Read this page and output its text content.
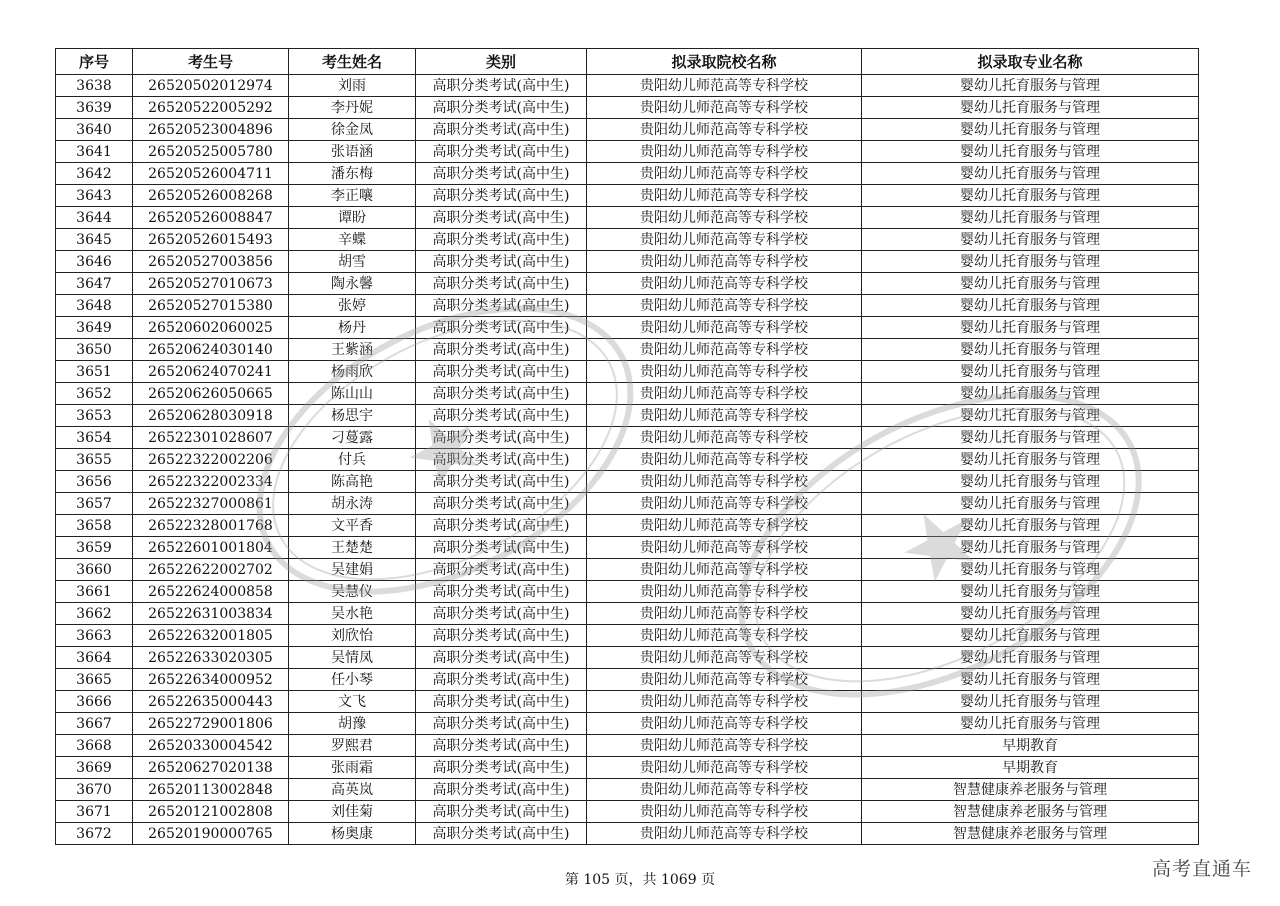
序号	考生号	考生姓名	类别	拟录取院校名称	拟录取专业名称
3638	26520502012974	刘雨	高职分类考试(高中生)	贵阳幼儿师范高等专科学校	婴幼儿托育服务与管理
3639	26520522005292	李丹妮	高职分类考试(高中生)	贵阳幼儿师范高等专科学校	婴幼儿托育服务与管理
3640	26520523004896	徐金凤	高职分类考试(高中生)	贵阳幼儿师范高等专科学校	婴幼儿托育服务与管理
3641	26520525005780	张语涵	高职分类考试(高中生)	贵阳幼儿师范高等专科学校	婴幼儿托育服务与管理
3642	26520526004711	潘东梅	高职分类考试(高中生)	贵阳幼儿师范高等专科学校	婴幼儿托育服务与管理
3643	26520526008268	李正嚷	高职分类考试(高中生)	贵阳幼儿师范高等专科学校	婴幼儿托育服务与管理
3644	26520526008847	谭盼	高职分类考试(高中生)	贵阳幼儿师范高等专科学校	婴幼儿托育服务与管理
3645	26520526015493	辛蝶	高职分类考试(高中生)	贵阳幼儿师范高等专科学校	婴幼儿托育服务与管理
3646	26520527003856	胡雪	高职分类考试(高中生)	贵阳幼儿师范高等专科学校	婴幼儿托育服务与管理
3647	26520527010673	陶永馨	高职分类考试(高中生)	贵阳幼儿师范高等专科学校	婴幼儿托育服务与管理
3648	26520527015380	张婷	高职分类考试(高中生)	贵阳幼儿师范高等专科学校	婴幼儿托育服务与管理
3649	26520602060025	杨丹	高职分类考试(高中生)	贵阳幼儿师范高等专科学校	婴幼儿托育服务与管理
3650	26520624030140	王紫涵	高职分类考试(高中生)	贵阳幼儿师范高等专科学校	婴幼儿托育服务与管理
3651	26520624070241	杨雨欣	高职分类考试(高中生)	贵阳幼儿师范高等专科学校	婴幼儿托育服务与管理
3652	26520626050665	陈山山	高职分类考试(高中生)	贵阳幼儿师范高等专科学校	婴幼儿托育服务与管理
3653	26520628030918	杨思宇	高职分类考试(高中生)	贵阳幼儿师范高等专科学校	婴幼儿托育服务与管理
3654	26522301028607	刁蔓露	高职分类考试(高中生)	贵阳幼儿师范高等专科学校	婴幼儿托育服务与管理
3655	26522322002206	付兵	高职分类考试(高中生)	贵阳幼儿师范高等专科学校	婴幼儿托育服务与管理
3656	26522322002334	陈高艳	高职分类考试(高中生)	贵阳幼儿师范高等专科学校	婴幼儿托育服务与管理
3657	26522327000861	胡永涛	高职分类考试(高中生)	贵阳幼儿师范高等专科学校	婴幼儿托育服务与管理
3658	26522328001768	文平香	高职分类考试(高中生)	贵阳幼儿师范高等专科学校	婴幼儿托育服务与管理
3659	26522601001804	王楚楚	高职分类考试(高中生)	贵阳幼儿师范高等专科学校	婴幼儿托育服务与管理
3660	26522622002702	吴建娟	高职分类考试(高中生)	贵阳幼儿师范高等专科学校	婴幼儿托育服务与管理
3661	26522624000858	吴慧仪	高职分类考试(高中生)	贵阳幼儿师范高等专科学校	婴幼儿托育服务与管理
3662	26522631003834	吴水艳	高职分类考试(高中生)	贵阳幼儿师范高等专科学校	婴幼儿托育服务与管理
3663	26522632001805	刘欣怡	高职分类考试(高中生)	贵阳幼儿师范高等专科学校	婴幼儿托育服务与管理
3664	26522633020305	吴情凤	高职分类考试(高中生)	贵阳幼儿师范高等专科学校	婴幼儿托育服务与管理
3665	26522634000952	任小琴	高职分类考试(高中生)	贵阳幼儿师范高等专科学校	婴幼儿托育服务与管理
3666	26522635000443	文飞	高职分类考试(高中生)	贵阳幼儿师范高等专科学校	婴幼儿托育服务与管理
3667	26522729001806	胡豫	高职分类考试(高中生)	贵阳幼儿师范高等专科学校	婴幼儿托育服务与管理
3668	26520330004542	罗熙君	高职分类考试(高中生)	贵阳幼儿师范高等专科学校	早期教育
3669	26520627020138	张雨霜	高职分类考试(高中生)	贵阳幼儿师范高等专科学校	早期教育
3670	26520113002848	高英岚	高职分类考试(高中生)	贵阳幼儿师范高等专科学校	智慧健康养老服务与管理
3671	26520121002808	刘佳菊	高职分类考试(高中生)	贵阳幼儿师范高等专科学校	智慧健康养老服务与管理
3672	26520190000765	杨奥康	高职分类考试(高中生)	贵阳幼儿师范高等专科学校	智慧健康养老服务与管理
第 105 页，共 1069 页	高考直通车
